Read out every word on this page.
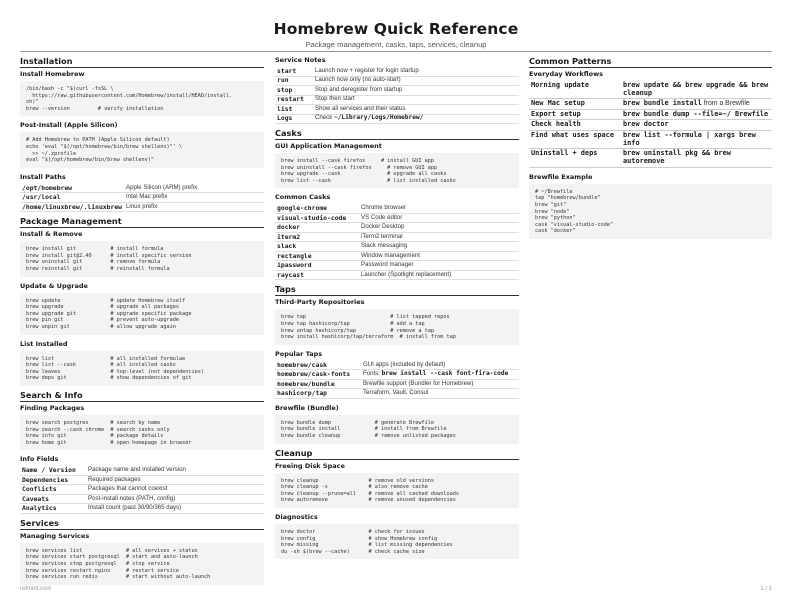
Homebrew Quick Reference
Package management, casks, taps, services, cleanup
Installation
Install Homebrew
/bin/bash -c "$(curl -fsSL \
https://raw.githubusercontent.com/Homebrew/install/HEAD/install.
sh)"
brew --version         # verify installation
Post-Install (Apple Silicon)
# Add Homebrew to PATH (Apple Silicon default)
echo 'eval "$(/opt/homebrew/bin/brew shellenv)"' \
>> ~/.zprofile
eval "$(/opt/homebrew/bin/brew shellenv)"
Install Paths
/opt/homebrew	Apple Silicon (ARM) prefix
/usr/local	Intel Mac prefix
/home/linuxbrew/.linuxbrew	Linux prefix
Package Management
Install & Remove
brew install git           # install formula
brew install git@2.40      # install specific version
brew uninstall git         # remove formula
brew reinstall git         # reinstall formula
Update & Upgrade
brew update                # update Homebrew itself
brew upgrade               # upgrade all packages
brew upgrade git           # upgrade specific package
brew pin git               # prevent auto-upgrade
brew unpin git             # allow upgrade again
List Installed
brew list                  # all installed formulae
brew list --cask           # all installed casks
brew leaves                # top-level (not dependencies)
brew deps git              # show dependencies of git
Search & Info
Finding Packages
brew search postgres       # search by name
brew search --cask chrome  # search casks only
brew info git              # package details
brew home git              # open homepage in browser
Info Fields
Name / Version	Package name and installed version
Dependencies	Required packages
Conflicts	Packages that cannot coexist
Caveats	Post-install notes (PATH, config)
Analytics	Install count (past 30/90/365 days)
Services
Managing Services
brew services list              # all services + status
brew services start postgresql  # start and auto-launch
brew services stop postgresql   # stop service
brew services restart nginx     # restart service
brew services run redis         # start without auto-launch
Service Notes
start	Launch now + register for login startup
run	Launch now only (no auto-start)
stop	Stop and deregister from startup
restart	Stop then start
list	Show all services and their status
Logs	Check ~/Library/Logs/Homebrew/
Casks
GUI Application Management
brew install --cask firefox     # install GUI app
brew uninstall --cask firefox     # remove GUI app
brew upgrade --cask               # upgrade all casks
brew list --cask                  # list installed casks
Common Casks
google-chrome	Chrome browser
visual-studio-code	VS Code editor
docker	Docker Desktop
iterm2	iTerm2 terminal
slack	Slack messaging
rectangle	Window management
1password	Password manager
raycast	Launcher (Spotlight replacement)
Taps
Third-Party Repositories
brew tap                           # list tapped repos
brew tap hashicorp/tap             # add a tap
brew untap hashicorp/tap           # remove a tap
brew install hashicorp/tap/terraform  # install from tap
Popular Taps
homebrew/cask	GUI apps (included by default)
homebrew/cask-fonts	Fonts: brew install --cask font-fira-code
homebrew/bundle	Brewfile support (Bundler for Homebrew)
hashicorp/tap	Terraform, Vault, Consul
Brewfile (Bundle)
brew bundle dump              # generate Brewfile
brew bundle install           # install from Brewfile
brew bundle cleanup           # remove unlisted packages
Cleanup
Freeing Disk Space
brew cleanup                # remove old versions
brew cleanup -s             # also remove cache
brew cleanup --prune=all    # remove all cached downloads
brew autoremove             # remove unused dependencies
Diagnostics
brew doctor                 # check for issues
brew config                 # show Homebrew config
brew missing                # list missing dependencies
du -sh $(brew --cache)      # check cache size
Common Patterns
Everyday Workflows
Morning update	brew update && brew upgrade && brew cleanup
New Mac setup	brew bundle install from a Brewfile
Export setup	brew bundle dump --file=~/ Brewfile
Check health	brew doctor
Find what uses space	brew list --formula | xargs brew info
Uninstall + deps	brew uninstall pkg && brew autoremove
Brewfile Example
# ~/Brewfile
tap "homebrew/bundle"
brew "git"
brew "node"
brew "python"
cask "visual-studio-code"
cask "docker"
refmint.com	1 / 1
